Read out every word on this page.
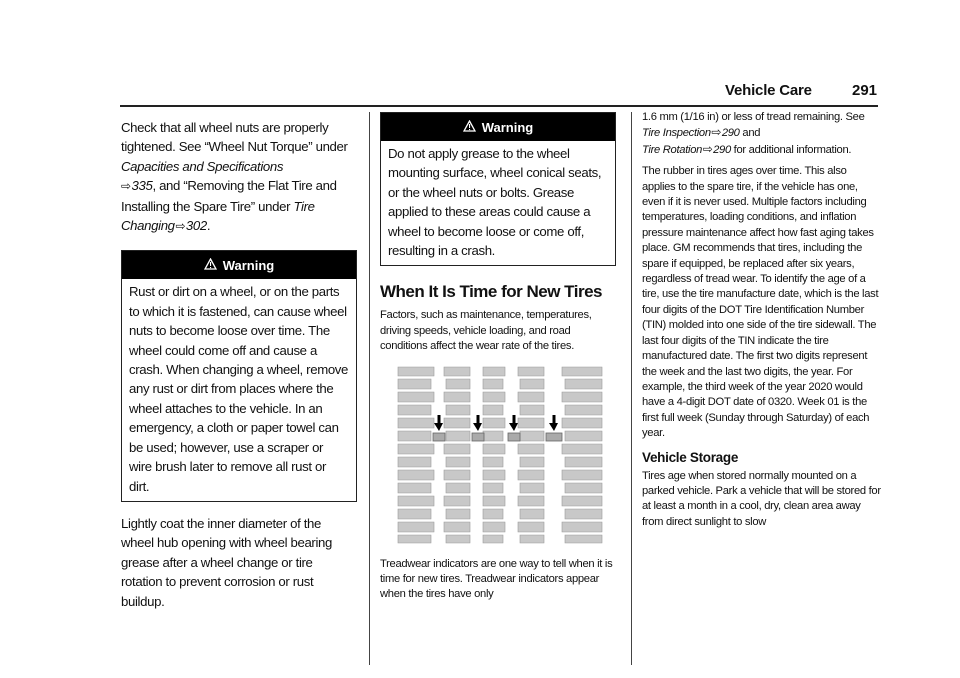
Vehicle Care	291

Check that all wheel nuts are properly tightened. See “Wheel Nut Torque” under Capacities and Specifications
⇨ 335, and “Removing the Flat Tire and Installing the Spare Tire” under Tire Changing ⇨ 302.

Warning
Rust or dirt on a wheel, or on the parts to which it is fastened, can cause wheel nuts to become loose over time. The wheel could come off and cause a crash. When changing a wheel, remove any rust or dirt from places where the wheel attaches to the vehicle. In an emergency, a cloth or paper towel can be used; however, use a scraper or wire brush later to remove all rust or dirt.

Lightly coat the inner diameter of the wheel hub opening with wheel bearing grease after a wheel change or tire rotation to prevent corrosion or rust buildup.

Warning
Do not apply grease to the wheel mounting surface, wheel conical seats, or the wheel nuts or bolts. Grease applied to these areas could cause a wheel to become loose or come off, resulting in a crash.
When It Is Time for New Tires

Factors, such as maintenance, temperatures, driving speeds, vehicle loading, and road conditions affect the wear rate of the tires.

Treadwear indicators are one way to tell when it is time for new tires. Treadwear indicators appear when the tires have only

1.6 mm (1/16 in) or less of tread remaining. See Tire Inspection ⇨ 290 and
Tire Rotation ⇨ 290 for additional information.

The rubber in tires ages over time. This also applies to the spare tire, if the vehicle has one, even if it is never used. Multiple factors including temperatures, loading conditions, and inflation pressure maintenance affect how fast aging takes place. GM recommends that tires, including the spare if equipped, be replaced after six years, regardless of tread wear. To identify the age of a tire, use the tire manufacture date, which is the last four digits of the DOT Tire Identification Number (TIN) molded into one side of the tire sidewall. The last four digits of the TIN indicate the tire manufactured date. The first two digits represent the week and the last two digits, the year. For example, the third week of the year 2020 would have a 4-digit DOT date of 0320. Week 01 is the first full week (Sunday through Saturday) of each year.

Vehicle Storage

Tires age when stored normally mounted on a parked vehicle. Park a vehicle that will be stored for at least a month in a cool, dry, clean area away from direct sunlight to slow
